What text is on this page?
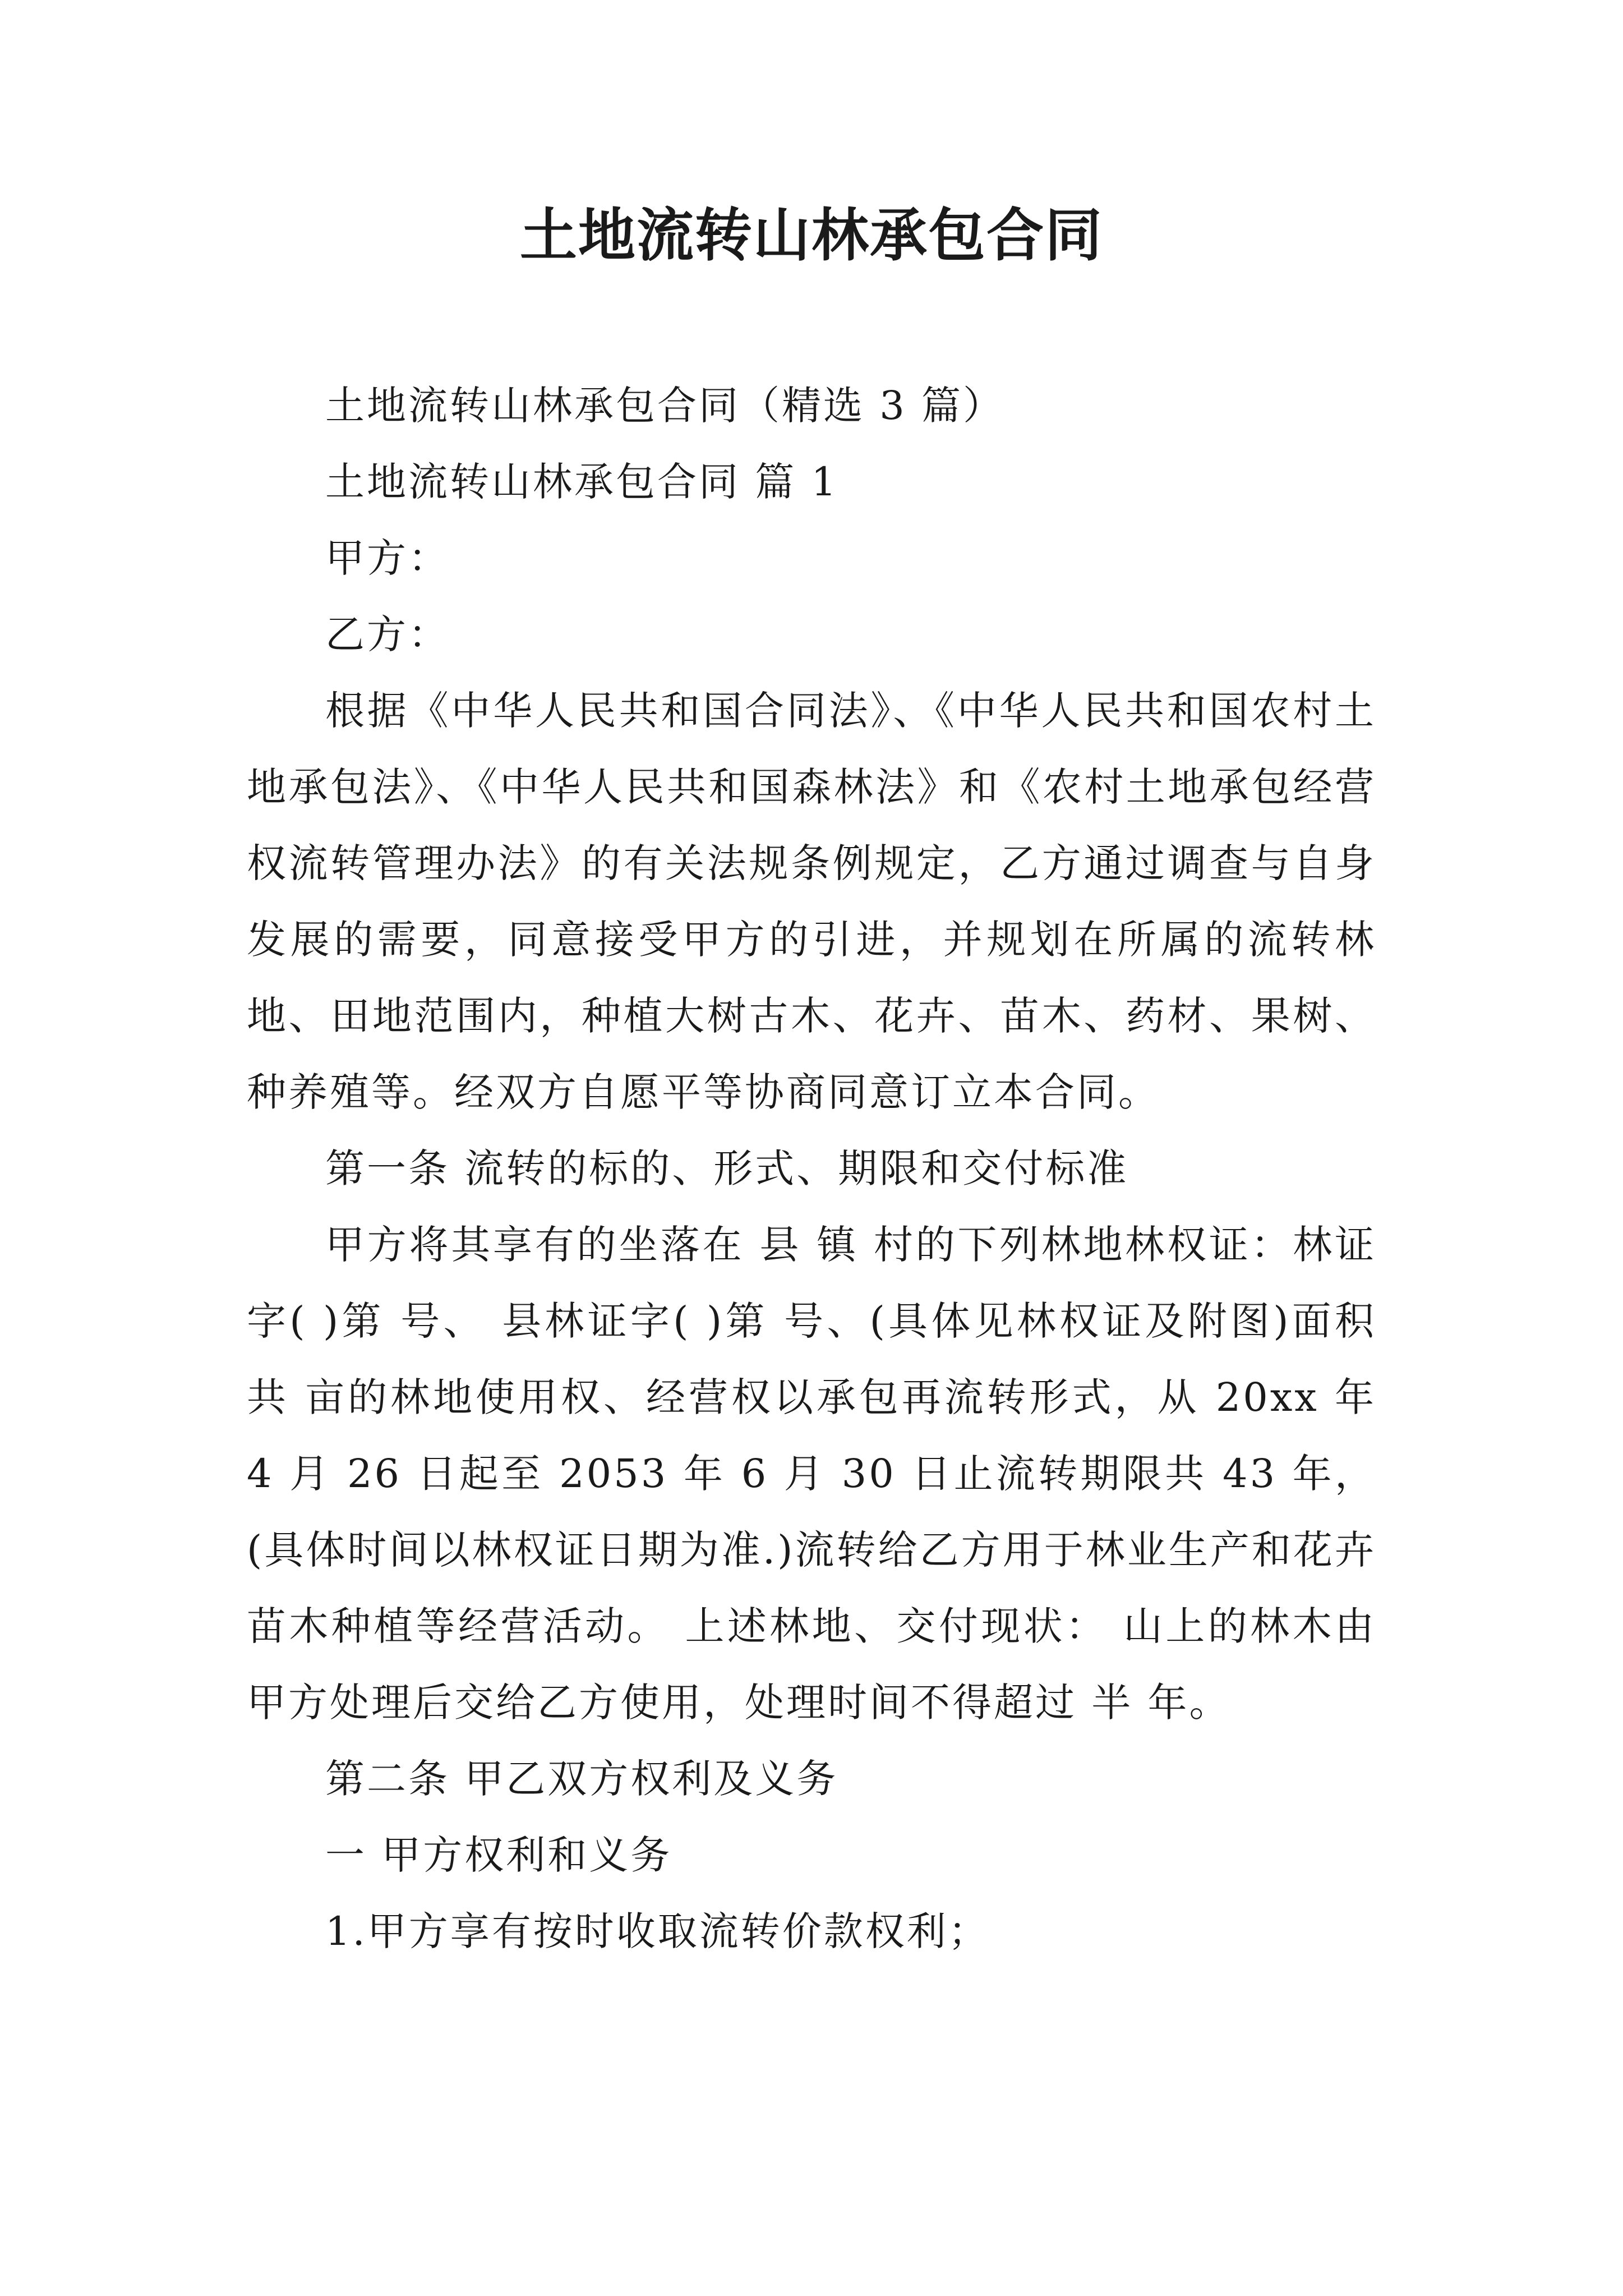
土地流转山林承包合同

土地流转山林承包合同（精选 3 篇）

土地流转山林承包合同 篇 1

甲方：

乙方：

根据《中华人民共和国合同法》、《中华人民共和国农村土地承包法》、《中华人民共和国森林法》和《农村土地承包经营权流转管理办法》的有关法规条例规定，乙方通过调查与自身发展的需要，同意接受甲方的引进，并规划在所属的流转林地、田地范围内，种植大树古木、花卉、苗木、药材、果树、种养殖等。经双方自愿平等协商同意订立本合同。

第一条 流转的标的、形式、期限和交付标准

甲方将其享有的坐落在 县 镇 村的下列林地林权证：林证字( )第 号、 县林证字( )第 号、(具体见林权证及附图)面积共 亩的林地使用权、经营权以承包再流转形式，从 20xx 年 4 月 26 日起至 2053 年 6 月 30 日止流转期限共 43 年，(具体时间以林权证日期为准.)流转给乙方用于林业生产和花卉苗木种植等经营活动。 上述林地、交付现状： 山上的林木由甲方处理后交给乙方使用，处理时间不得超过 半 年。

第二条 甲乙双方权利及义务

一 甲方权利和义务

1.甲方享有按时收取流转价款权利；
